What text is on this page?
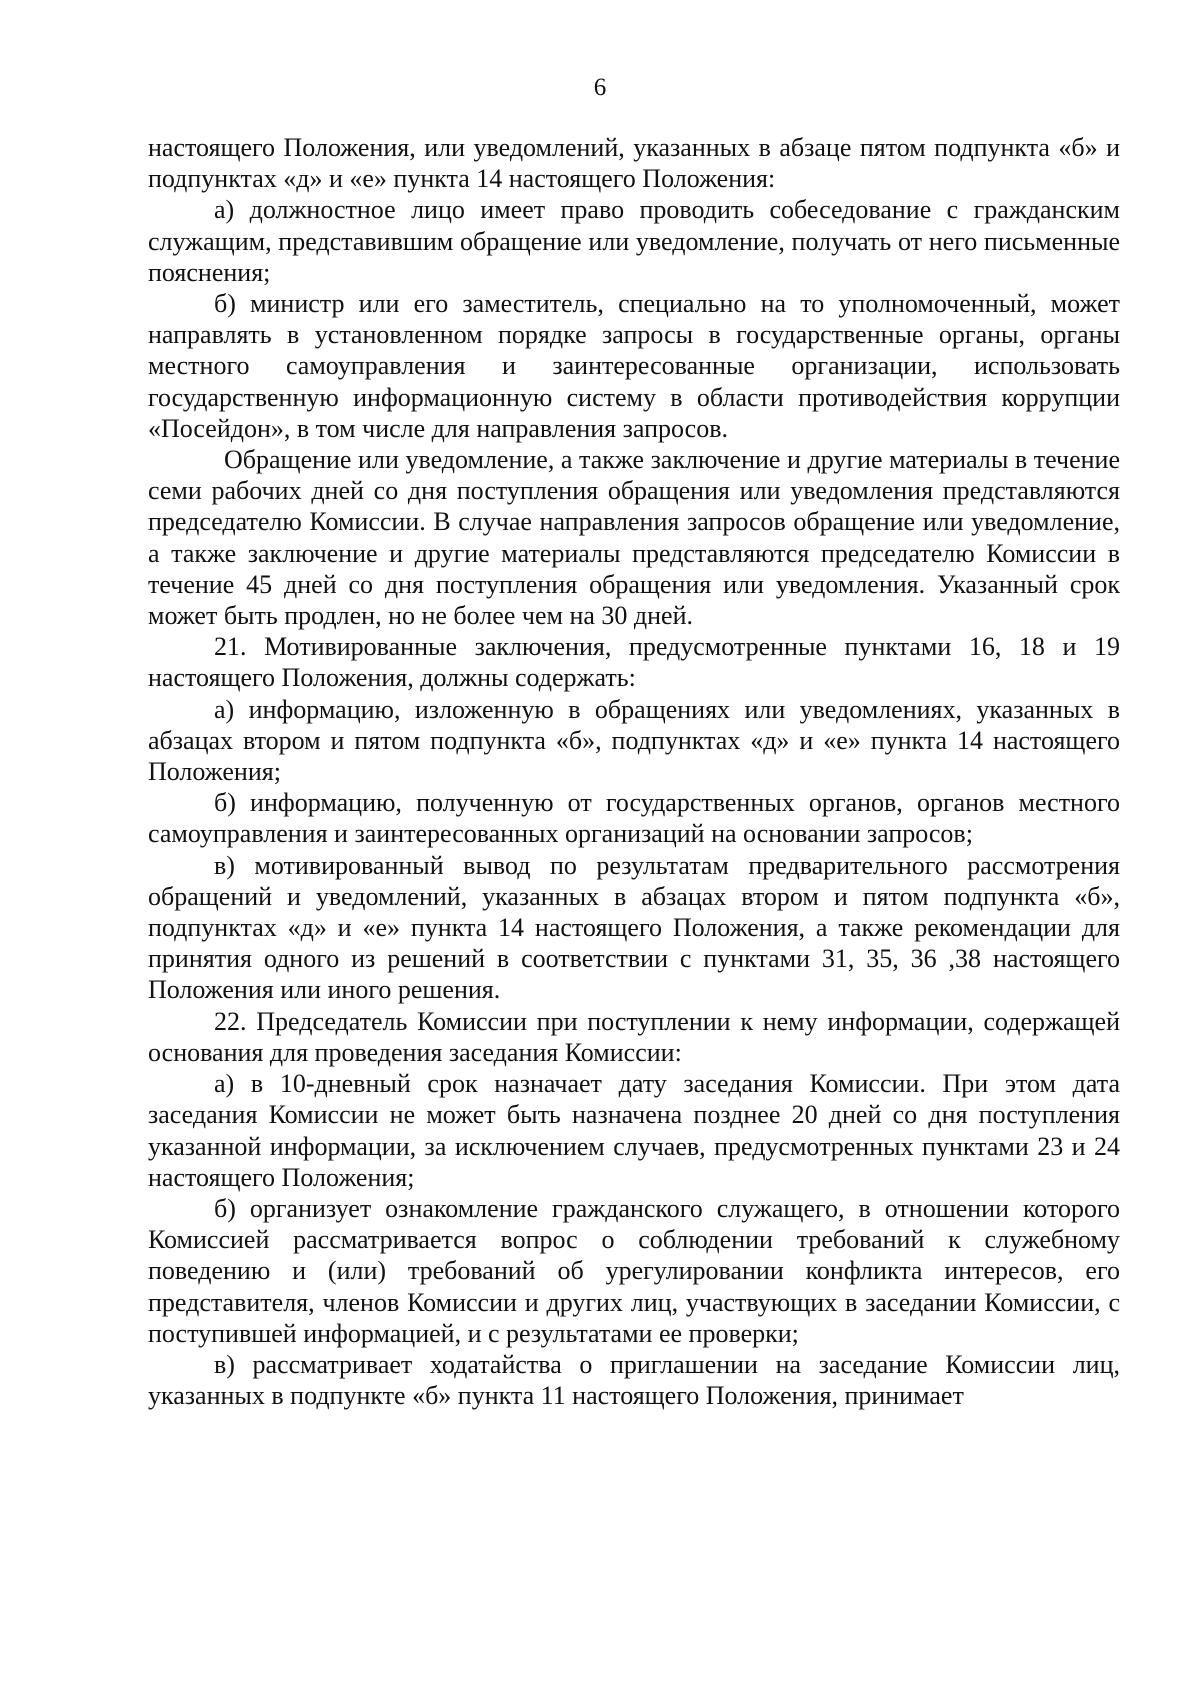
6

настоящего Положения, или уведомлений, указанных в абзаце пятом подпункта «б» и подпунктах «д» и «е» пункта 14 настоящего Положения:

а) должностное лицо имеет право проводить собеседование с гражданским служащим, представившим обращение или уведомление, получать от него письменные пояснения;

б) министр или его заместитель, специально на то уполномоченный, может направлять в установленном порядке запросы в государственные органы, органы местного самоуправления и заинтересованные организации, использовать государственную информационную систему в области противодействия коррупции «Посейдон», в том числе для направления запросов.

Обращение или уведомление, а также заключение и другие материалы в течение семи рабочих дней со дня поступления обращения или уведомления представляются председателю Комиссии. В случае направления запросов обращение или уведомление, а также заключение и другие материалы представляются председателю Комиссии в течение 45 дней со дня поступления обращения или уведомления. Указанный срок может быть продлен, но не более чем на 30 дней.

21. Мотивированные заключения, предусмотренные пунктами 16, 18 и 19 настоящего Положения, должны содержать:

а) информацию, изложенную в обращениях или уведомлениях, указанных в абзацах втором и пятом подпункта «б», подпунктах «д» и «е» пункта 14 настоящего Положения;

б) информацию, полученную от государственных органов, органов местного самоуправления и заинтересованных организаций на основании запросов;

в) мотивированный вывод по результатам предварительного рассмотрения обращений и уведомлений, указанных в абзацах втором и пятом подпункта «б», подпунктах «д» и «е» пункта 14 настоящего Положения, а также рекомендации для принятия одного из решений в соответствии с пунктами 31, 35, 36 ,38 настоящего Положения или иного решения.

22. Председатель Комиссии при поступлении к нему информации, содержащей основания для проведения заседания Комиссии:

а) в 10-дневный срок назначает дату заседания Комиссии. При этом дата заседания Комиссии не может быть назначена позднее 20 дней со дня поступления указанной информации, за исключением случаев, предусмотренных пунктами 23 и 24 настоящего Положения;

б) организует ознакомление гражданского служащего, в отношении которого Комиссией рассматривается вопрос о соблюдении требований к служебному поведению и (или) требований об урегулировании конфликта интересов, его представителя, членов Комиссии и других лиц, участвующих в заседании Комиссии, с поступившей информацией, и с результатами ее проверки;

в) рассматривает ходатайства о приглашении на заседание Комиссии лиц, указанных в подпункте «б» пункта 11 настоящего Положения, принимает
